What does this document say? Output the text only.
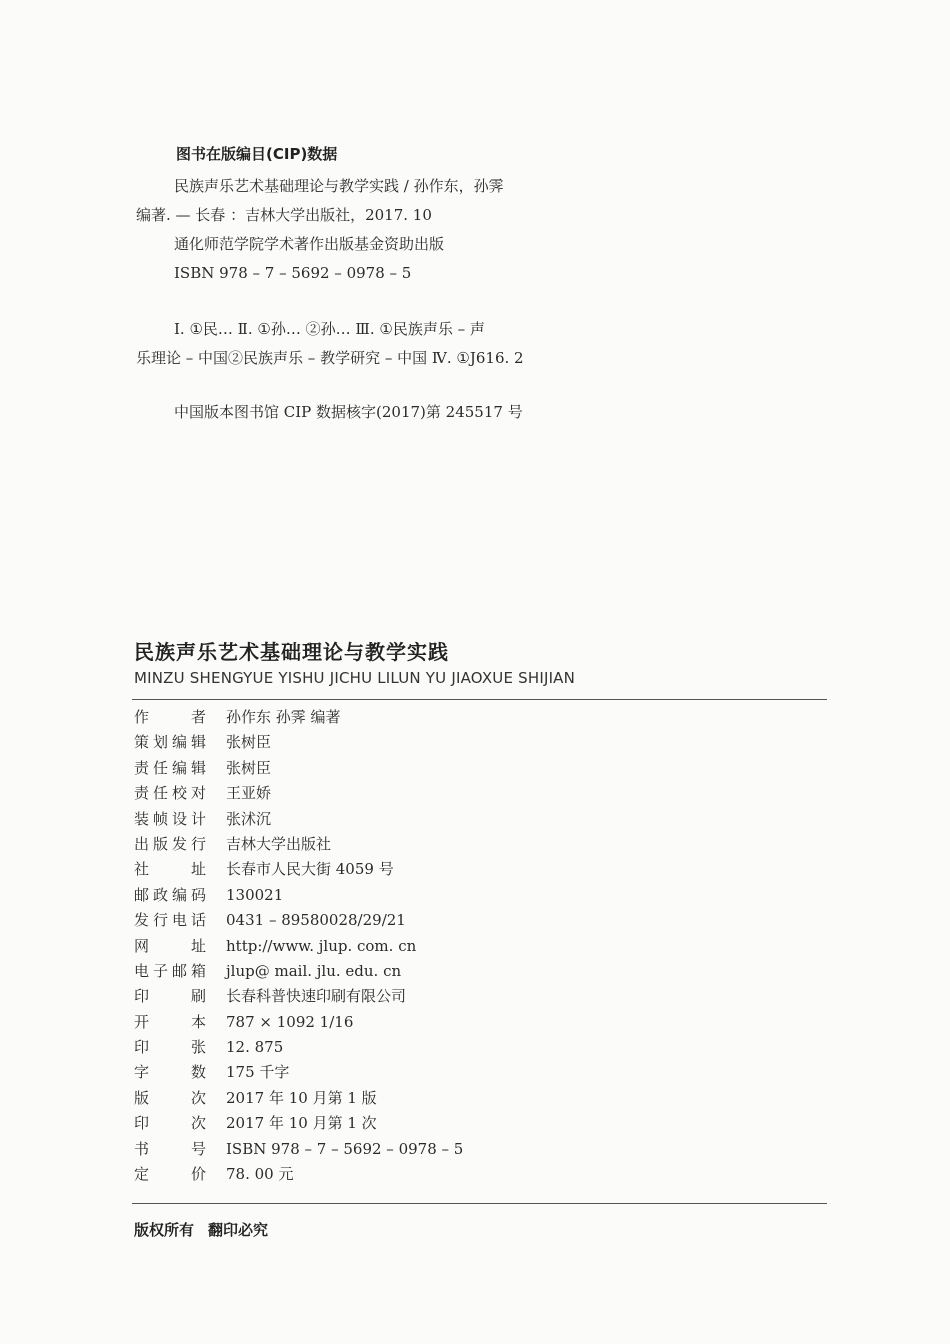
图书在版编目(CIP)数据
民族声乐艺术基础理论与教学实践 / 孙作东，孙霁
编著. — 长春 ：吉林大学出版社，2017. 10
通化师范学院学术著作出版基金资助出版
ISBN 978 – 7 – 5692 – 0978 – 5
Ⅰ. ①民… Ⅱ. ①孙… ②孙… Ⅲ. ①民族声乐 – 声
乐理论 – 中国②民族声乐 – 教学研究 – 中国 Ⅳ. ①J616. 2
中国版本图书馆 CIP 数据核字(2017)第 245517 号
民族声乐艺术基础理论与教学实践
MINZU SHENGYUE YISHU JICHU LILUN YU JIAOXUE SHIJIAN
作 者 孙作东 孙霁 编著
策划编辑 张树臣
责任编辑 张树臣
责任校对 王亚娇
装帧设计 张沭沉
出版发行 吉林大学出版社
社 址 长春市人民大街 4059 号
邮政编码 130021
发行电话 0431 – 89580028/29/21
网 址 http://www. jlup. com. cn
电子邮箱 jlup@ mail. jlu. edu. cn
印 刷 长春科普快速印刷有限公司
开 本 787 × 1092 1/16
印 张 12. 875
字 数 175 千字
版 次 2017 年 10 月第 1 版
印 次 2017 年 10 月第 1 次
书 号 ISBN 978 – 7 – 5692 – 0978 – 5
定 价 78. 00 元
版权所有 翻印必究
